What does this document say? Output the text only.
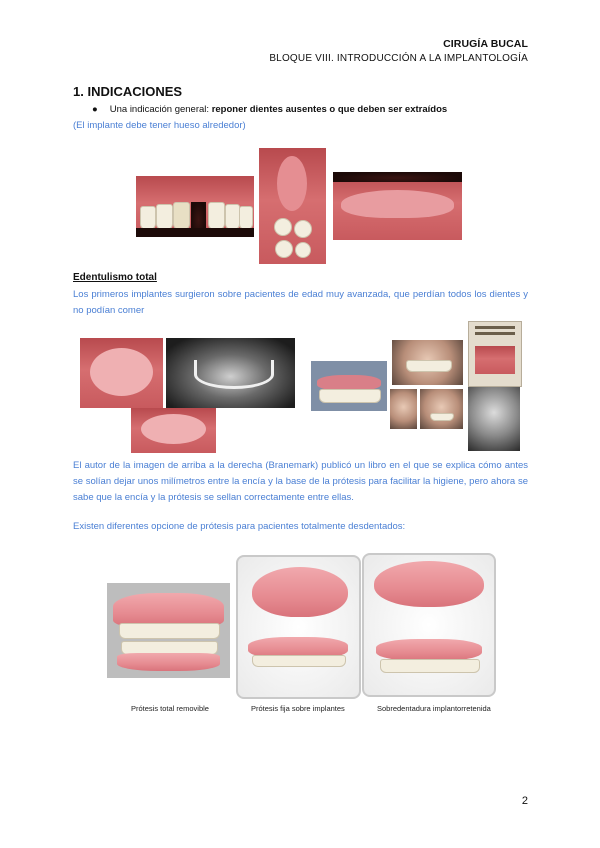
CIRUGÍA BUCAL
BLOQUE VIII. INTRODUCCIÓN A LA IMPLANTOLOGÍA
1. INDICACIONES
● Una indicación general: reponer dientes ausentes o que deben ser extraídos
(El implante debe tener hueso alrededor)
Edentulismo total
Los primeros implantes surgieron sobre pacientes de edad muy avanzada, que perdían todos los dientes y no podían comer
El autor de la imagen de arriba a la derecha (Branemark) publicó un libro en el que se explica cómo antes se solían dejar unos milímetros entre la encía y la base de la prótesis para facilitar la higiene, pero ahora se sabe que la encía y la prótesis se sellan correctamente entre ellas.
Existen diferentes opcione de prótesis para pacientes totalmente desdentados:
Prótesis total removible	Prótesis fija sobre implantes	Sobredentadura implantorretenida
2
